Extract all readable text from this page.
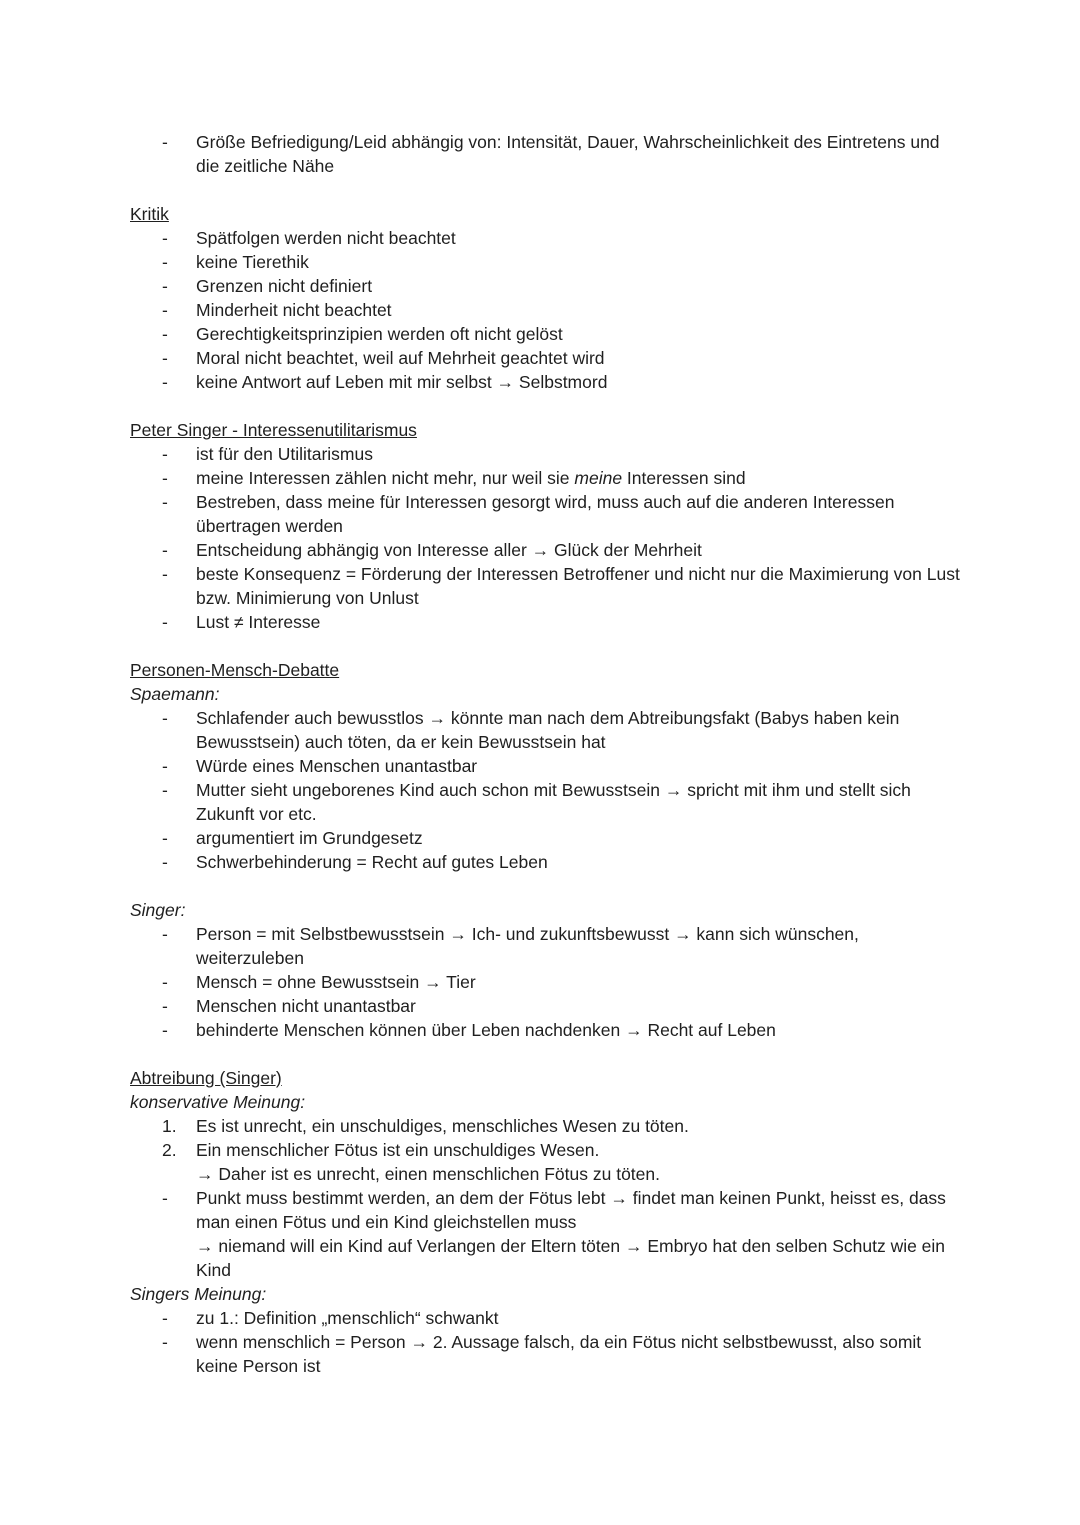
-	Größe Befriedigung/Leid abhängig von: Intensität, Dauer, Wahrscheinlichkeit des Eintretens und die zeitliche Nähe
Kritik
-	Spätfolgen werden nicht beachtet
-	keine Tierethik
-	Grenzen nicht definiert
-	Minderheit nicht beachtet
-	Gerechtigkeitsprinzipien werden oft nicht gelöst
-	Moral nicht beachtet, weil auf Mehrheit geachtet wird
-	keine Antwort auf Leben mit mir selbst → Selbstmord
Peter Singer - Interessenutilitarismus
-	ist für den Utilitarismus
-	meine Interessen zählen nicht mehr, nur weil sie meine Interessen sind
-	Bestreben, dass meine für Interessen gesorgt wird, muss auch auf die anderen Interessen übertragen werden
-	Entscheidung abhängig von Interesse aller → Glück der Mehrheit
-	beste Konsequenz = Förderung der Interessen Betroffener und nicht nur die Maximierung von Lust bzw. Minimierung von Unlust
-	Lust ≠ Interesse
Personen-Mensch-Debatte
Spaemann:
-	Schlafender auch bewusstlos → könnte man nach dem Abtreibungsfakt (Babys haben kein Bewusstsein) auch töten, da er kein Bewusstsein hat
-	Würde eines Menschen unantastbar
-	Mutter sieht ungeborenes Kind auch schon mit Bewusstsein → spricht mit ihm und stellt sich Zukunft vor etc.
-	argumentiert im Grundgesetz
-	Schwerbehinderung = Recht auf gutes Leben
Singer:
-	Person = mit Selbstbewusstsein → Ich- und zukunftsbewusst → kann sich wünschen, weiterzuleben
-	Mensch = ohne Bewusstsein → Tier
-	Menschen nicht unantastbar
-	behinderte Menschen können über Leben nachdenken → Recht auf Leben
Abtreibung (Singer)
konservative Meinung:
1.	Es ist unrecht, ein unschuldiges, menschliches Wesen zu töten.
2.	Ein menschlicher Fötus ist ein unschuldiges Wesen.
→ Daher ist es unrecht, einen menschlichen Fötus zu töten.
-	Punkt muss bestimmt werden, an dem der Fötus lebt → findet man keinen Punkt, heisst es, dass man einen Fötus und ein Kind gleichstellen muss
→ niemand will ein Kind auf Verlangen der Eltern töten → Embryo hat den selben Schutz wie ein Kind
Singers Meinung:
-	zu 1.: Definition „menschlich“ schwankt
-	wenn menschlich = Person → 2. Aussage falsch, da ein Fötus nicht selbstbewusst, also somit keine Person ist
